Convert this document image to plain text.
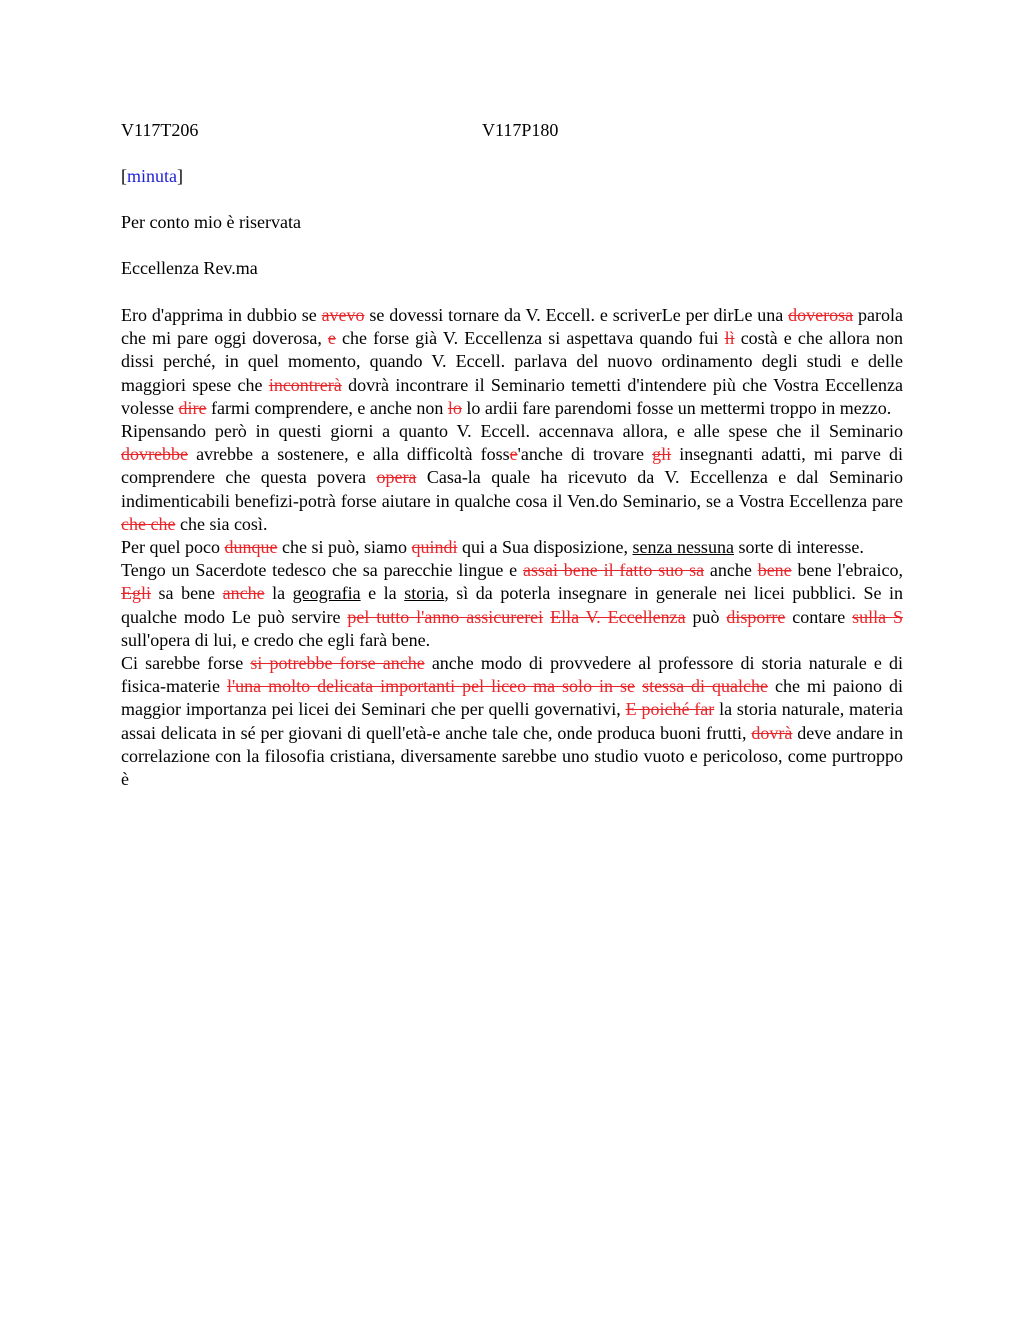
V117T206	V117P180
[minuta]
Per conto mio è riservata
Eccellenza Rev.ma

Ero d'apprima in dubbio se avevo se dovessi tornare da V. Eccell. e scriverLe per dirLe una doverosa parola che mi pare oggi doverosa, e che forse già V. Eccellenza si aspettava quando fui lì costà e che allora non dissi perché, in quel momento, quando V. Eccell. parlava del nuovo ordinamento degli studi e delle maggiori spese che incontrerà dovrà incontrare il Seminario temetti d'intendere più che Vostra Eccellenza volesse dire farmi comprendere, e anche non lo lo ardii fare parendomi fosse un mettermi troppo in mezzo.

Ripensando però in questi giorni a quanto V. Eccell. accennava allora, e alle spese che il Seminario dovrebbe avrebbe a sostenere, e alla difficoltà fosse'anche di trovare gli insegnanti adatti, mi parve di comprendere che questa povera opera Casa-la quale ha ricevuto da V. Eccellenza e dal Seminario indimenticabili benefizi-potrà forse aiutare in qualche cosa il Ven.do Seminario, se a Vostra Eccellenza pare che che che sia così.

Per quel poco dunque che si può, siamo quindi qui a Sua disposizione, senza nessuna sorte di interesse.

Tengo un Sacerdote tedesco che sa parecchie lingue e assai bene il fatto suo sa anche bene bene l'ebraico, Egli sa bene anche la geografia e la storia, sì da poterla insegnare in generale nei licei pubblici. Se in qualche modo Le può servire pel tutto l'anno assicurerei Ella V. Eccellenza può disporre contare sulla S sull'opera di lui, e credo che egli farà bene.

Ci sarebbe forse si potrebbe forse anche anche modo di provvedere al professore di storia naturale e di fisica-materie l'una molto delicata importanti pel liceo ma solo in se stessa di qualche che mi paiono di maggior importanza pei licei dei Seminari che per quelli governativi, E poiché far la storia naturale, materia assai delicata in sé per giovani di quell'età-e anche tale che, onde produca buoni frutti, dovrà deve andare in correlazione con la filosofia cristiana, diversamente sarebbe uno studio vuoto e pericoloso, come purtroppo è
